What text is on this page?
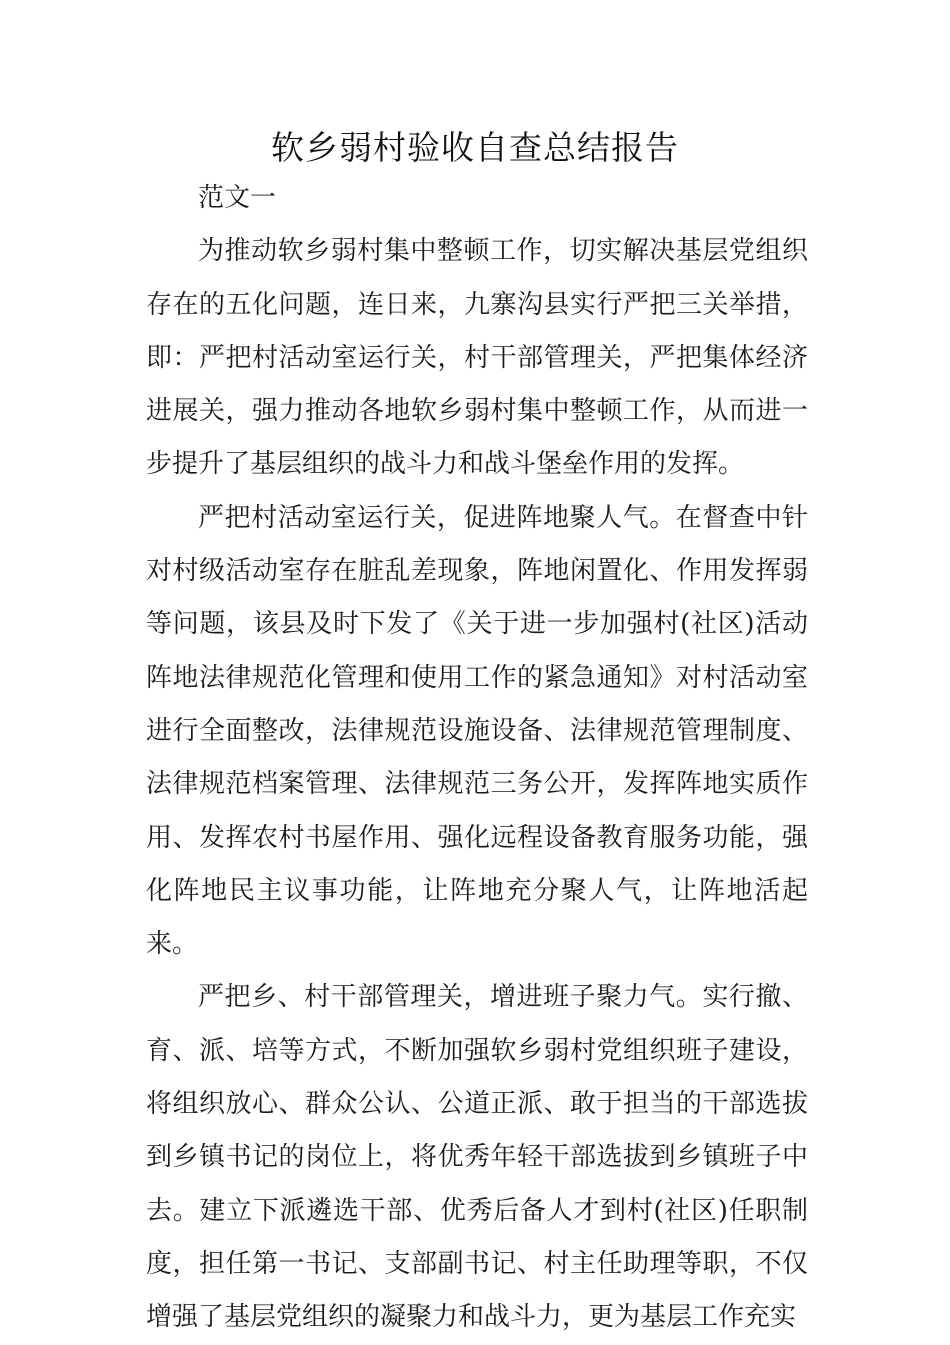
软乡弱村验收自查总结报告

范文一

为推动软乡弱村集中整顿工作，切实解决基层党组织存在的五化问题，连日来，九寨沟县实行严把三关举措，即：严把村活动室运行关，村干部管理关，严把集体经济进展关，强力推动各地软乡弱村集中整顿工作，从而进一步提升了基层组织的战斗力和战斗堡垒作用的发挥。

严把村活动室运行关，促进阵地聚人气。在督查中针对村级活动室存在脏乱差现象，阵地闲置化、作用发挥弱等问题，该县及时下发了《关于进一步加强村(社区)活动阵地法律规范化管理和使用工作的紧急通知》对村活动室进行全面整改，法律规范设施设备、法律规范管理制度、法律规范档案管理、法律规范三务公开，发挥阵地实质作用、发挥农村书屋作用、强化远程设备教育服务功能，强化阵地民主议事功能，让阵地充分聚人气，让阵地活起来。

严把乡、村干部管理关，增进班子聚力气。实行撤、育、派、培等方式，不断加强软乡弱村党组织班子建设，将组织放心、群众公认、公道正派、敢于担当的干部选拔到乡镇书记的岗位上，将优秀年轻干部选拔到乡镇班子中去。建立下派遴选干部、优秀后备人才到村(社区)任职制度，担任第一书记、支部副书记、村主任助理等职，不仅增强了基层党组织的凝聚力和战斗力，更为基层工作充实
